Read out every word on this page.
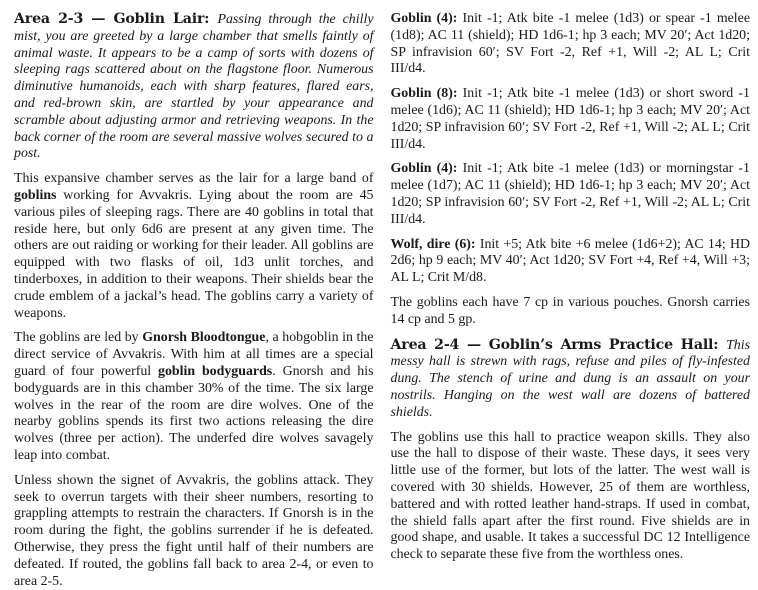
Area 2-3 — Goblin Lair: Passing through the chilly mist, you are greeted by a large chamber that smells faintly of animal waste. It appears to be a camp of sorts with dozens of sleeping rags scattered about on the flagstone floor. Numerous diminutive humanoids, each with sharp features, flared ears, and red-brown skin, are startled by your appearance and scramble about adjusting armor and retrieving weapons. In the back corner of the room are several massive wolves secured to a post.

This expansive chamber serves as the lair for a large band of goblins working for Avvakris. Lying about the room are 45 various piles of sleeping rags. There are 40 goblins in total that reside here, but only 6d6 are present at any given time. The others are out raiding or working for their leader. All goblins are equipped with two flasks of oil, 1d3 unlit torches, and tinderboxes, in addition to their weapons. Their shields bear the crude emblem of a jackal’s head. The goblins carry a variety of weapons.

The goblins are led by Gnorsh Bloodtongue, a hobgoblin in the direct service of Avvakris. With him at all times are a special guard of four powerful goblin bodyguards. Gnorsh and his bodyguards are in this chamber 30% of the time. The six large wolves in the rear of the room are dire wolves. One of the nearby goblins spends its first two actions releasing the dire wolves (three per action). The underfed dire wolves savagely leap into combat.

Unless shown the signet of Avvakris, the goblins attack. They seek to overrun targets with their sheer numbers, resorting to grappling attempts to restrain the characters. If Gnorsh is in the room during the fight, the goblins surrender if he is defeated. Otherwise, they press the fight until half of their numbers are defeated. If routed, the goblins fall back to area 2-4, or even to area 2-5.

Goblin (4): Init -1; Atk bite -1 melee (1d3) or spear -1 melee (1d8); AC 11 (shield); HD 1d6-1; hp 3 each; MV 20′; Act 1d20; SP infravision 60′; SV Fort -2, Ref +1, Will -2; AL L; Crit III/d4.

Goblin (8): Init -1; Atk bite -1 melee (1d3) or short sword -1 melee (1d6); AC 11 (shield); HD 1d6-1; hp 3 each; MV 20′; Act 1d20; SP infravision 60′; SV Fort -2, Ref +1, Will -2; AL L; Crit III/d4.

Goblin (4): Init -1; Atk bite -1 melee (1d3) or morningstar -1 melee (1d7); AC 11 (shield); HD 1d6-1; hp 3 each; MV 20′; Act 1d20; SP infravision 60′; SV Fort -2, Ref +1, Will -2; AL L; Crit III/d4.

Wolf, dire (6): Init +5; Atk bite +6 melee (1d6+2); AC 14; HD 2d6; hp 9 each; MV 40′; Act 1d20; SV Fort +4, Ref +4, Will +3; AL L; Crit M/d8.

The goblins each have 7 cp in various pouches. Gnorsh carries 14 cp and 5 gp.

Area 2-4 — Goblin’s Arms Practice Hall: This messy hall is strewn with rags, refuse and piles of fly-infested dung. The stench of urine and dung is an assault on your nostrils. Hanging on the west wall are dozens of battered shields.

The goblins use this hall to practice weapon skills. They also use the hall to dispose of their waste. These days, it sees very little use of the former, but lots of the latter. The west wall is covered with 30 shields. However, 25 of them are worthless, battered and with rotted leather hand-straps. If used in combat, the shield falls apart after the first round. Five shields are in good shape, and usable. It takes a successful DC 12 Intelligence check to separate these five from the worthless ones.
